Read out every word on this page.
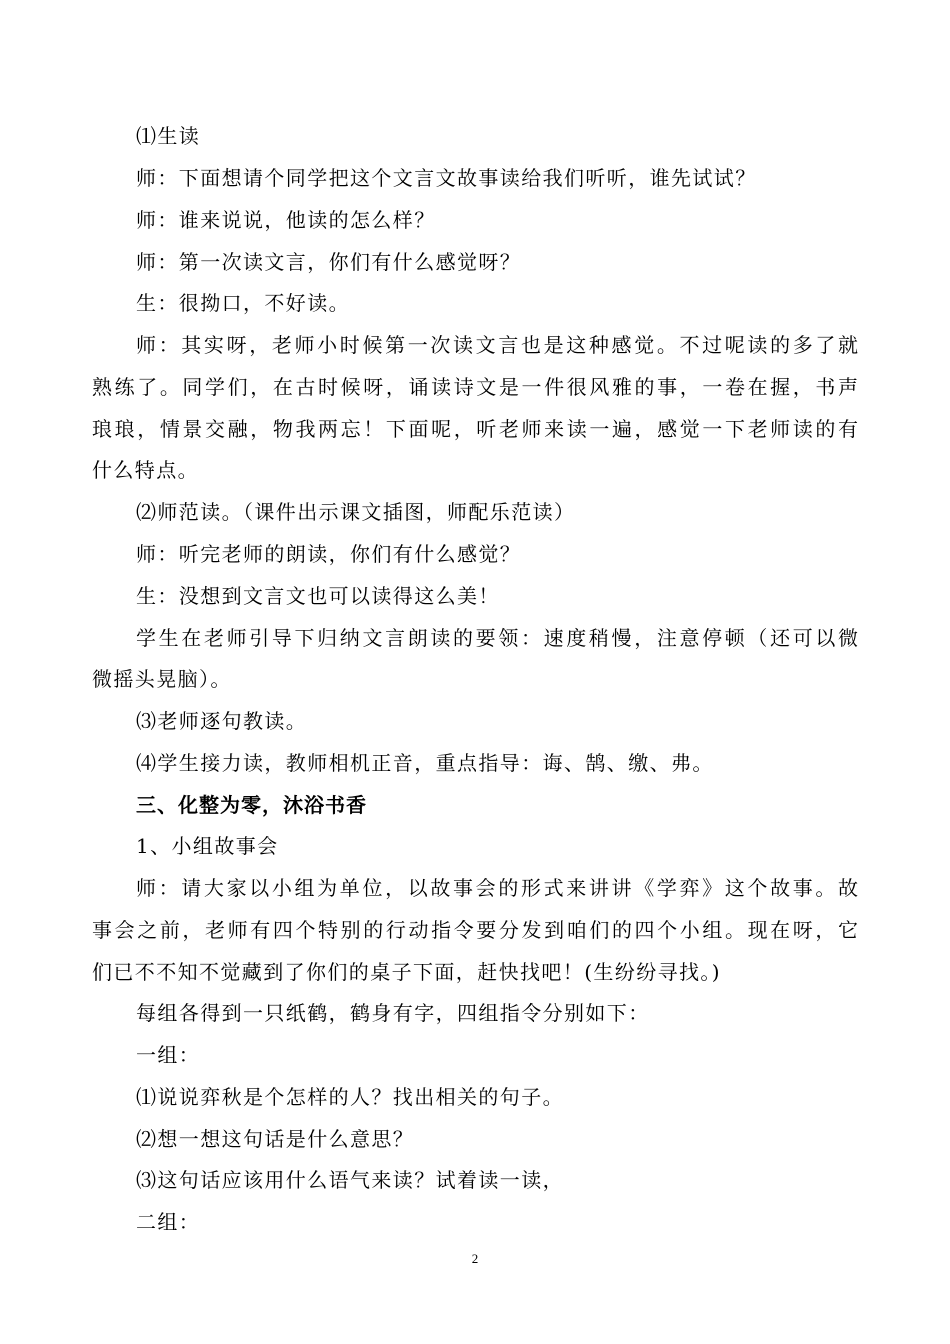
⑴生读
师：下面想请个同学把这个文言文故事读给我们听听，谁先试试？
师：谁来说说，他读的怎么样？
师：第一次读文言，你们有什么感觉呀？
生：很拗口，不好读。
师：其实呀，老师小时候第一次读文言也是这种感觉。不过呢读的多了就
熟练了。同学们，在古时候呀，诵读诗文是一件很风雅的事，一卷在握，书声
琅琅，情景交融，物我两忘！下面呢，听老师来读一遍，感觉一下老师读的有
什么特点。
⑵师范读。（课件出示课文插图，师配乐范读）
师：听完老师的朗读，你们有什么感觉？
生：没想到文言文也可以读得这么美！
学生在老师引导下归纳文言朗读的要领：速度稍慢，注意停顿（还可以微
微摇头晃脑）。
⑶老师逐句教读。
⑷学生接力读，教师相机正音，重点指导：诲、鹄、缴、弗。
三、化整为零，沐浴书香
1、小组故事会
师：请大家以小组为单位，以故事会的形式来讲讲《学弈》这个故事。故
事会之前，老师有四个特别的行动指令要分发到咱们的四个小组。现在呀，它
们已不不知不觉藏到了你们的桌子下面，赶快找吧！(生纷纷寻找。)
每组各得到一只纸鹤，鹤身有字，四组指令分别如下：
一组：
⑴说说弈秋是个怎样的人？找出相关的句子。
⑵想一想这句话是什么意思？
⑶这句话应该用什么语气来读？试着读一读，
二组：
2
